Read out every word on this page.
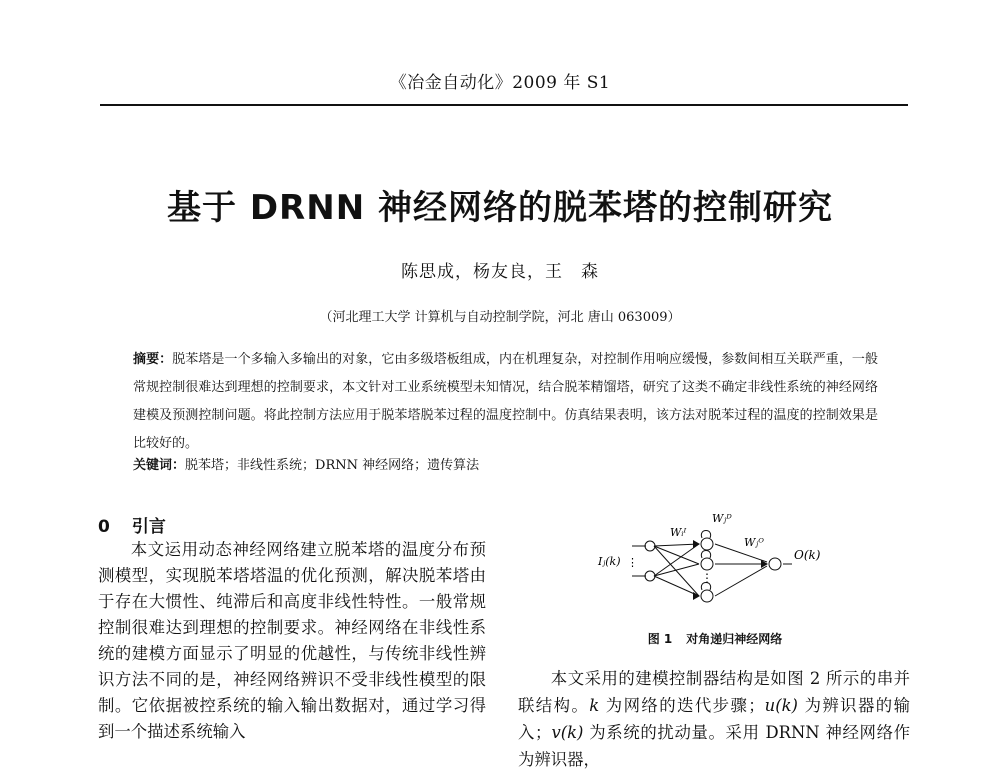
《冶金自动化》2009 年 S1
基于 DRNN 神经网络的脱苯塔的控制研究
陈思成，杨友良，王　森
（河北理工大学 计算机与自动控制学院，河北 唐山 063009）
摘要：脱苯塔是一个多输入多输出的对象，它由多级塔板组成，内在机理复杂，对控制作用响应缓慢，参数间相互关联严重，一般常规控制很难达到理想的控制要求，本文针对工业系统模型未知情况，结合脱苯精馏塔，研究了这类不确定非线性系统的神经网络建模及预测控制问题。将此控制方法应用于脱苯塔脱苯过程的温度控制中。仿真结果表明，该方法对脱苯过程的温度的控制效果是比较好的。
关键词：脱苯塔；非线性系统；DRNN 神经网络；遗传算法
0 引言

本文运用动态神经网络建立脱苯塔的温度分布预测模型，实现脱苯塔塔温的优化预测，解决脱苯塔由于存在大惯性、纯滞后和高度非线性特性。一般常规控制很难达到理想的控制要求。神经网络在非线性系统的建模方面显示了明显的优越性，与传统非线性辨识方法不同的是，神经网络辨识不受非线性模型的限制。它依据被控系统的输入输出数据对，通过学习得到一个描述系统输入

⋮
Iⱼ(k) ⋮
Wᵢᴵ
Wⱼᴰ
Wⱼᴼ
O(k)
图 1 对角递归神经网络

本文采用的建模控制器结构是如图 2 所示的串并联结构。k 为网络的迭代步骤；u(k) 为辨识器的输入；v(k) 为系统的扰动量。采用 DRNN 神经网络作为辨识器，
